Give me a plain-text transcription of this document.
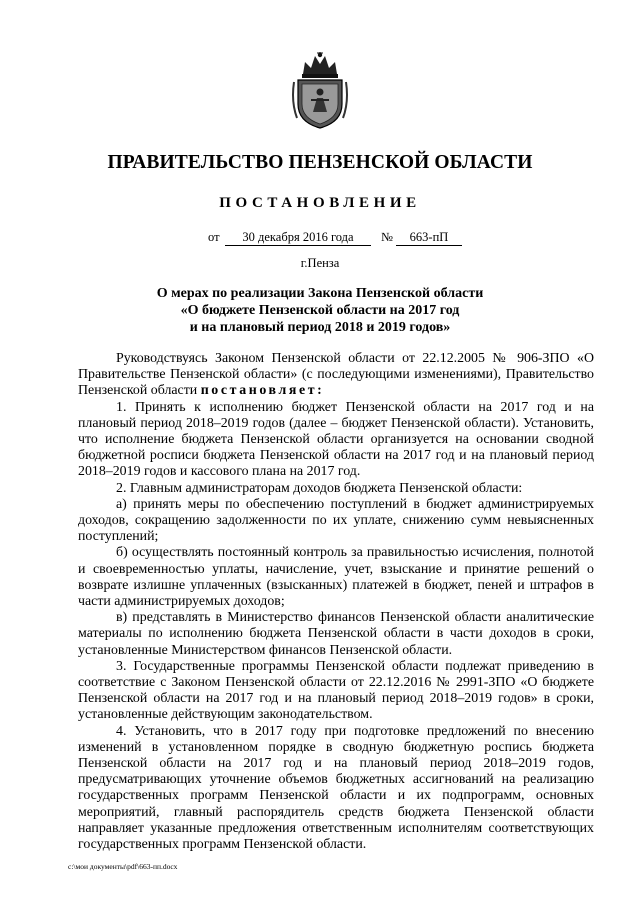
ПРАВИТЕЛЬСТВО ПЕНЗЕНСКОЙ ОБЛАСТИ
ПОСТАНОВЛЕНИЕ
от	30 декабря 2016 года	№	663-пП
г.Пенза
О мерах по реализации Закона Пензенской области
«О бюджете Пензенской области на 2017 год
и на плановый период 2018 и 2019 годов»

Руководствуясь Законом Пензенской области от 22.12.2005 № 906-ЗПО «О Правительстве Пензенской области» (с последующими изменениями), Правительство Пензенской области постановляет:

1. Принять к исполнению бюджет Пензенской области на 2017 год и на плановый период 2018–2019 годов (далее – бюджет Пензенской области). Установить, что исполнение бюджета Пензенской области организуется на основании сводной бюджетной росписи бюджета Пензенской области на 2017 год и на плановый период 2018–2019 годов и кассового плана на 2017 год.

2. Главным администраторам доходов бюджета Пензенской области:

а) принять меры по обеспечению поступлений в бюджет администрируемых доходов, сокращению задолженности по их уплате, снижению сумм невыясненных поступлений;

б) осуществлять постоянный контроль за правильностью исчисления, полнотой и своевременностью уплаты, начисление, учет, взыскание и принятие решений о возврате излишне уплаченных (взысканных) платежей в бюджет, пеней и штрафов в части администрируемых доходов;

в) представлять в Министерство финансов Пензенской области аналитические материалы по исполнению бюджета Пензенской области в части доходов в сроки, установленные Министерством финансов Пензенской области.

3. Государственные программы Пензенской области подлежат приведению в соответствие с Законом Пензенской области от 22.12.2016 № 2991-ЗПО «О бюджете Пензенской области на 2017 год и на плановый период 2018–2019 годов» в сроки, установленные действующим законодательством.

4. Установить, что в 2017 году при подготовке предложений по внесению изменений в установленном порядке в сводную бюджетную роспись бюджета Пензенской области на 2017 год и на плановый период 2018–2019 годов, предусматривающих уточнение объемов бюджетных ассигнований на реализацию государственных программ Пензенской области и их подпрограмм, основных мероприятий, главный распорядитель средств бюджета Пензенской области направляет указанные предложения ответственным исполнителям соответствующих государственных программ Пензенской области.

c:\мои документы\pdf\663-пп.docx
